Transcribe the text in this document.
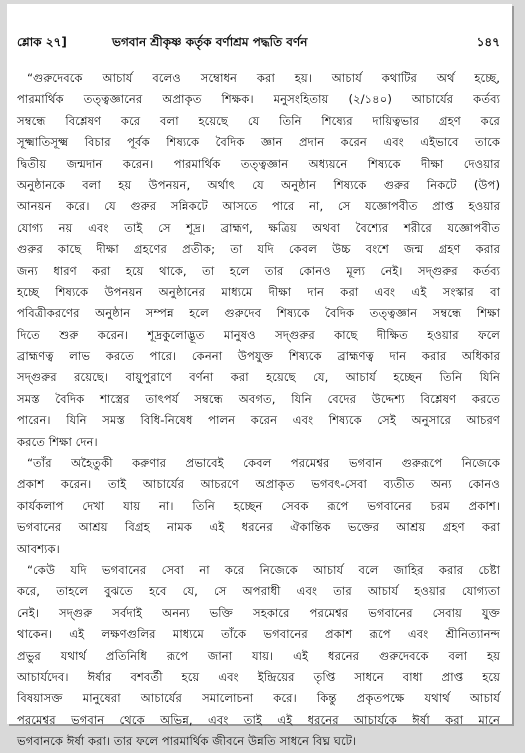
শ্লোক ২৭]	ভগবান শ্রীকৃষ্ণ কর্তৃক বর্ণাশ্রম পদ্ধতি বর্ণন	১৪৭
“গুরুদেবকে আচার্য বলেও সম্বোধন করা হয়। আচার্য কথাটির অর্থ হচ্ছে,
পারমার্থিক তত্ত্বজ্ঞানের অপ্রাকৃত শিক্ষক। মনুসংহিতায় (২/১৪০) আচার্যের কর্তব্য
সম্বন্ধে বিশ্লেষণ করে বলা হয়েছে যে তিনি শিষ্যের দায়িত্বভার গ্রহণ করে
সূক্ষ্মাতিসূক্ষ্ম বিচার পূর্বক শিষ্যকে বৈদিক জ্ঞান প্রদান করেন এবং এইভাবে তাকে
দ্বিতীয় জন্মদান করেন। পারমার্থিক তত্ত্বজ্ঞান অধ্যয়নে শিষ্যকে দীক্ষা দেওয়ার
অনুষ্ঠানকে বলা হয় উপনয়ন, অর্থাৎ যে অনুষ্ঠান শিষ্যকে গুরুর নিকটে (উপ)
আনয়ন করে। যে গুরুর সন্নিকটে আসতে পারে না, সে যজ্ঞোপবীত প্রাপ্ত হওয়ার
যোগ্য নয় এবং তাই সে শূদ্র। ব্রাহ্মণ, ক্ষত্রিয় অথবা বৈশ্যের শরীরে যজ্ঞোপবীত
গুরুর কাছে দীক্ষা গ্রহণের প্রতীক; তা যদি কেবল উচ্চ বংশে জন্ম গ্রহণ করার
জন্য ধারণ করা হয়ে থাকে, তা হলে তার কোনও মূল্য নেই। সদ্গুরুর কর্তব্য
হচ্ছে শিষ্যকে উপনয়ন অনুষ্ঠানের মাধ্যমে দীক্ষা দান করা এবং এই সংস্কার বা
পবিত্রীকরণের অনুষ্ঠান সম্পন্ন হলে গুরুদেব শিষ্যকে বৈদিক তত্ত্বজ্ঞান সম্বন্ধে শিক্ষা
দিতে শুরু করেন। শূদ্রকুলোদ্ভূত মানুষও সদ্গুরুর কাছে দীক্ষিত হওয়ার ফলে
ব্রাহ্মণত্ব লাভ করতে পারে। কেননা উপযুক্ত শিষ্যকে ব্রাহ্মণত্ব দান করার অধিকার
সদ্গুরুর রয়েছে। বায়ুপুরাণে বর্ণনা করা হয়েছে যে, আচার্য হচ্ছেন তিনি যিনি
সমস্ত বৈদিক শাস্ত্রের তাৎপর্য সম্বন্ধে অবগত, যিনি বেদের উদ্দেশ্য বিশ্লেষণ করতে
পারেন। যিনি সমস্ত বিধি-নিষেধ পালন করেন এবং শিষ্যকে সেই অনুসারে আচরণ
করতে শিক্ষা দেন।
“তাঁর অহৈতুকী করুণার প্রভাবেই কেবল পরমেশ্বর ভগবান গুরুরূপে নিজেকে
প্রকাশ করেন। তাই আচার্যের আচরণে অপ্রাকৃত ভগবৎ-সেবা ব্যতীত অন্য কোনও
কার্যকলাপ দেখা যায় না। তিনি হচ্ছেন সেবক রূপে ভগবানের চরম প্রকাশ।
ভগবানের আশ্রয় বিগ্রহ নামক এই ধরনের ঐকান্তিক ভক্তের আশ্রয় গ্রহণ করা
আবশ্যক।
“কেউ যদি ভগবানের সেবা না করে নিজেকে আচার্য বলে জাহির করার চেষ্টা
করে, তাহলে বুঝতে হবে যে, সে অপরাধী এবং তার আচার্য হওয়ার যোগ্যতা
নেই। সদ্গুরু সর্বদাই অনন্য ভক্তি সহকারে পরমেশ্বর ভগবানের সেবায় যুক্ত
থাকেন। এই লক্ষণগুলির মাধ্যমে তাঁকে ভগবানের প্রকাশ রূপে এবং শ্রীনিত্যানন্দ
প্রভুর যথার্থ প্রতিনিধি রূপে জানা যায়। এই ধরনের গুরুদেবকে বলা হয়
আচার্যদেব। ঈর্ষার বশবর্তী হয়ে এবং ইন্দ্রিয়ের তৃপ্তি সাধনে বাধা প্রাপ্ত হয়ে
বিষয়াসক্ত মানুষেরা আচার্যের সমালোচনা করে। কিন্তু প্রকৃতপক্ষে যথার্থ আচার্য
পরমেশ্বর ভগবান থেকে অভিন্ন, এবং তাই এই ধরনের আচার্যকে ঈর্ষা করা মানে
ভগবানকে ঈর্ষা করা। তার ফলে পারমার্থিক জীবনে উন্নতি সাধনে বিঘ্ন ঘটে।
